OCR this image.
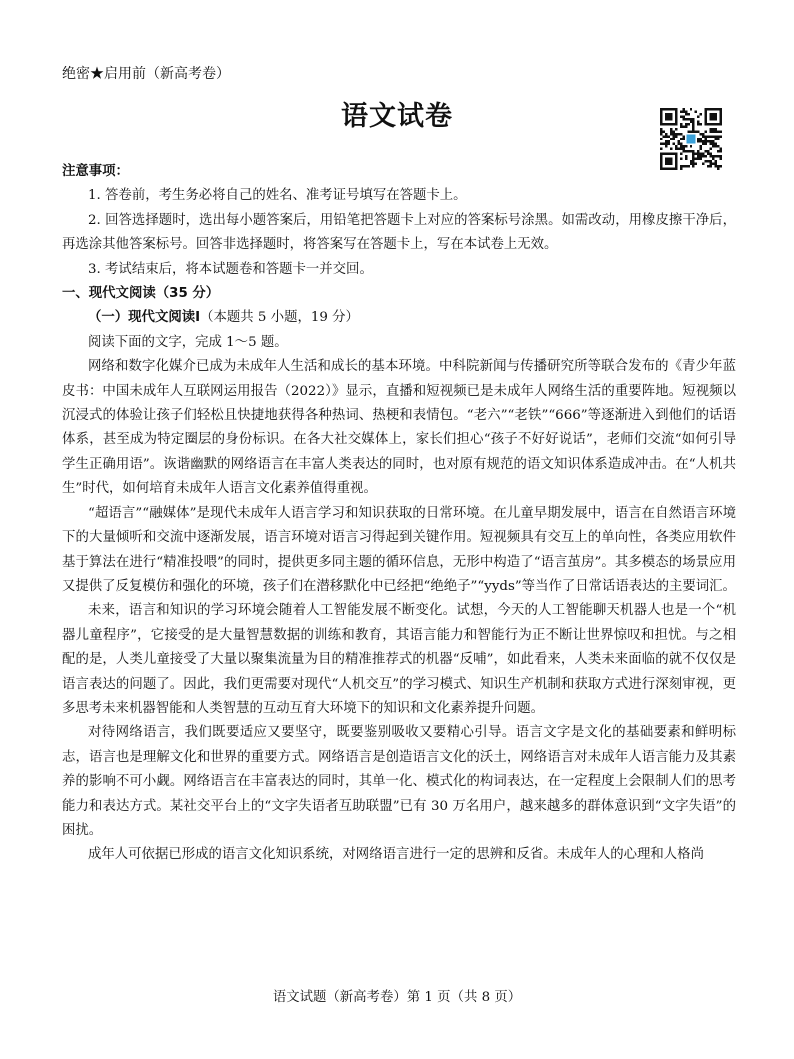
绝密★启用前（新高考卷）
语文试卷

注意事项：

1. 答卷前，考生务必将自己的姓名、准考证号填写在答题卡上。

2. 回答选择题时，选出每小题答案后，用铅笔把答题卡上对应的答案标号涂黑。如需改动，用橡皮擦干净后，再选涂其他答案标号。回答非选择题时，将答案写在答题卡上，写在本试卷上无效。

3. 考试结束后，将本试题卷和答题卡一并交回。

一、现代文阅读（35 分）

（一）现代文阅读Ⅰ（本题共 5 小题，19 分）

阅读下面的文字，完成 1～5 题。

网络和数字化媒介已成为未成年人生活和成长的基本环境。中科院新闻与传播研究所等联合发布的《青少年蓝皮书：中国未成年人互联网运用报告（2022）》显示，直播和短视频已是未成年人网络生活的重要阵地。短视频以沉浸式的体验让孩子们轻松且快捷地获得各种热词、热梗和表情包。“老六”“老铁”“666”等逐渐进入到他们的话语体系，甚至成为特定圈层的身份标识。在各大社交媒体上，家长们担心“孩子不好好说话”，老师们交流“如何引导学生正确用语”。诙谐幽默的网络语言在丰富人类表达的同时，也对原有规范的语文知识体系造成冲击。在“人机共生”时代，如何培育未成年人语言文化素养值得重视。

“超语言”“融媒体”是现代未成年人语言学习和知识获取的日常环境。在儿童早期发展中，语言在自然语言环境下的大量倾听和交流中逐渐发展，语言环境对语言习得起到关键作用。短视频具有交互上的单向性，各类应用软件基于算法在进行“精准投喂”的同时，提供更多同主题的循环信息，无形中构造了“语言茧房”。其多模态的场景应用又提供了反复模仿和强化的环境，孩子们在潜移默化中已经把“绝绝子”“yyds”等当作了日常话语表达的主要词汇。

未来，语言和知识的学习环境会随着人工智能发展不断变化。试想，今天的人工智能聊天机器人也是一个“机器儿童程序”，它接受的是大量智慧数据的训练和教育，其语言能力和智能行为正不断让世界惊叹和担忧。与之相配的是，人类儿童接受了大量以聚集流量为目的精准推荐式的机器“反哺”，如此看来，人类未来面临的就不仅仅是语言表达的问题了。因此，我们更需要对现代“人机交互”的学习模式、知识生产机制和获取方式进行深刻审视，更多思考未来机器智能和人类智慧的互动互育大环境下的知识和文化素养提升问题。

对待网络语言，我们既要适应又要坚守，既要鉴别吸收又要精心引导。语言文字是文化的基础要素和鲜明标志，语言也是理解文化和世界的重要方式。网络语言是创造语言文化的沃土，网络语言对未成年人语言能力及其素养的影响不可小觑。网络语言在丰富表达的同时，其单一化、模式化的构词表达，在一定程度上会限制人们的思考能力和表达方式。某社交平台上的“文字失语者互助联盟”已有 30 万名用户，越来越多的群体意识到“文字失语”的困扰。

成年人可依据已形成的语言文化知识系统，对网络语言进行一定的思辨和反省。未成年人的心理和人格尚

语文试题（新高考卷）第 1 页（共 8 页）
